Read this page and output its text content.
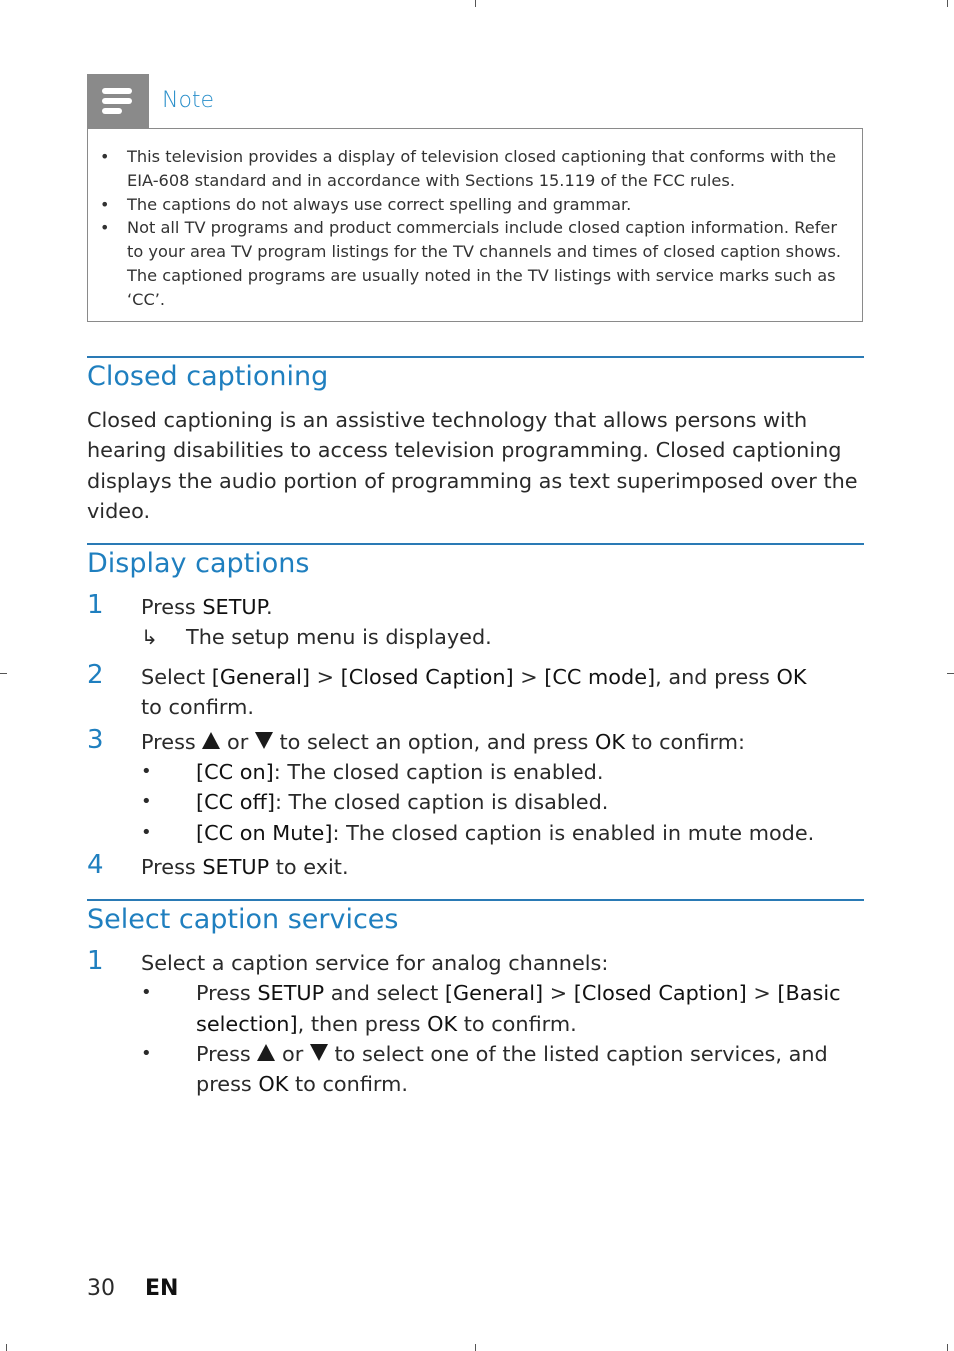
Note
• This television provides a display of television closed captioning that conforms with the EIA-608 standard and in accordance with Sections 15.119 of the FCC rules.
• The captions do not always use correct spelling and grammar.
• Not all TV programs and product commercials include closed caption information. Refer to your area TV program listings for the TV channels and times of closed caption shows. The captioned programs are usually noted in the TV listings with service marks such as ‘CC’.
Closed captioning
Closed captioning is an assistive technology that allows persons with
hearing disabilities to access television programming. Closed captioning
displays the audio portion of programming as text superimposed over the
video.
Display captions
1 Press SETUP.
↳ The setup menu is displayed.
2 Select [General] > [Closed Caption] > [CC mode], and press OK
to confirm.
3 Press  or  to select an option, and press OK to confirm:
• [CC on]: The closed caption is enabled.
• [CC off]: The closed caption is disabled.
• [CC on Mute]: The closed caption is enabled in mute mode.
4 Press SETUP to exit.
Select caption services
1 Select a caption service for analog channels:
• Press SETUP and select [General] > [Closed Caption] > [Basic
selection], then press OK to confirm.
• Press  or  to select one of the listed caption services, and
press OK to confirm.
30 EN
